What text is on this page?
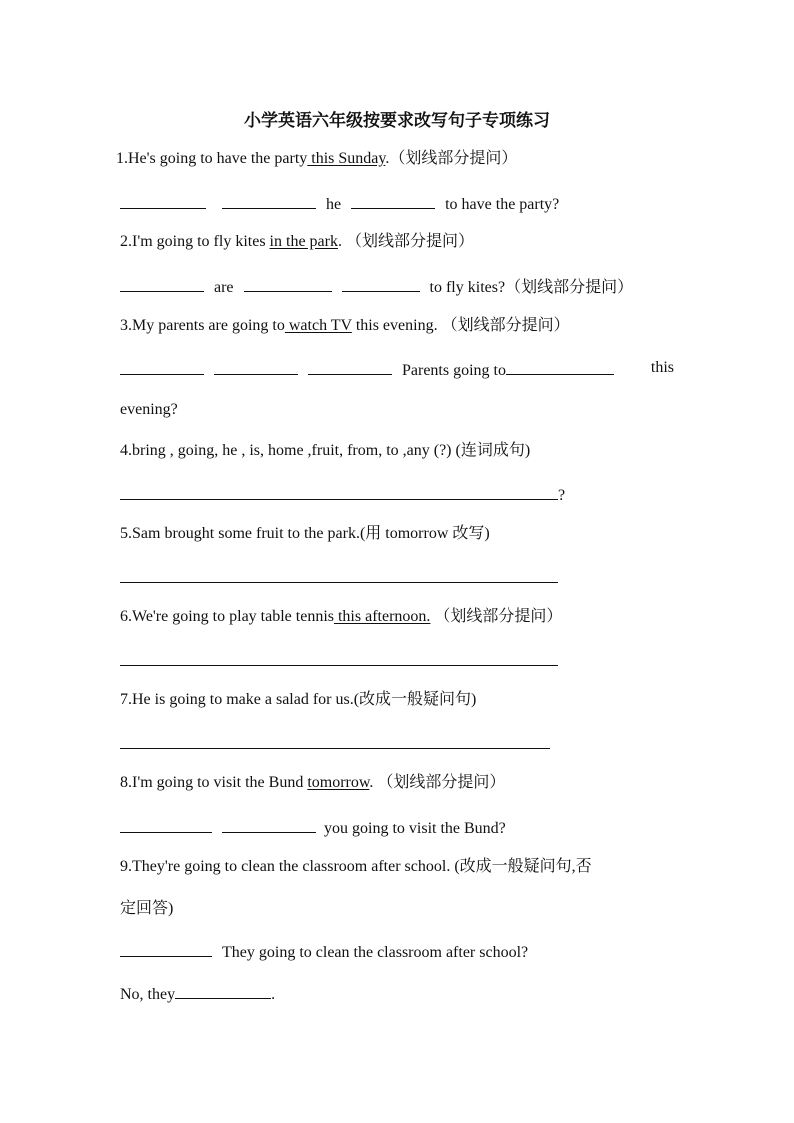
小学英语六年级按要求改写句子专项练习
1.He's going to have the party this Sunday.（划线部分提问）
he	to have the party?
2.I'm going to fly kites in the park. （划线部分提问）
are	to fly kites?（划线部分提问）
3.My parents are going to watch TV this evening. （划线部分提问）
Parents going to	this
evening?
4.bring , going, he , is, home ,fruit, from, to ,any (?) (连词成句)
?
5.Sam brought some fruit to the park.(用 tomorrow 改写)
6.We're going to play table tennis this afternoon. （划线部分提问）
7.He is going to make a salad for us.(改成一般疑问句)
8.I'm going to visit the Bund tomorrow. （划线部分提问）
you going to visit the Bund?
9.They're going to clean the classroom after school. (改成一般疑问句,否
定回答)
They going to clean the classroom after school?
No, they	.
